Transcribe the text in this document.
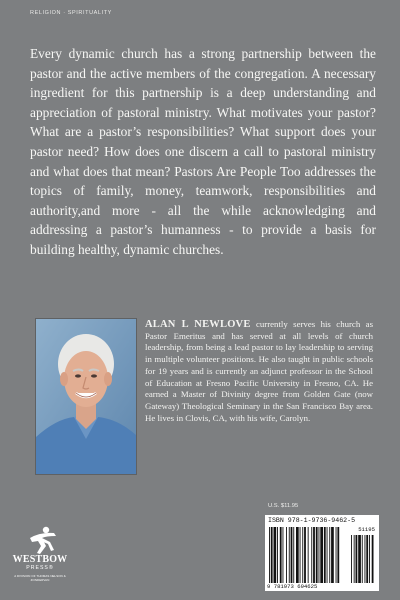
RELIGION · SPIRITUALITY

Every dynamic church has a strong partnership between the pastor and the active members of the congregation. A necessary ingredient for this partnership is a deep understanding and appreciation of pastoral ministry. What motivates your pastor? What are a pastor’s responsibilities? What support does your pastor need? How does one discern a call to pastoral ministry and what does that mean? Pastors Are People Too addresses the topics of family, money, teamwork, responsibilities and authority,and more - all the while acknowledging and addressing a pastor’s humanness - to provide a basis for building healthy, dynamic churches.

ALAN L NEWLOVE currently serves his church as Pastor Emeritus and has served at all levels of church leadership, from being a lead pastor to lay leadership to serving in multiple volunteer positions. He also taught in public schools for 19 years and is currently an adjunct professor in the School of Education at Fresno Pacific University in Fresno, CA. He earned a Master of Divinity degree from Golden Gate (now Gateway) Theological Seminary in the San Francisco Bay area. He lives in Clovis, CA, with his wife, Carolyn.

U.S. $11.95
ISBN 978-1-9736-9462-5
51195
9 781973 694625
WESTBOW
PRESS®
A DIVISION OF THOMAS NELSON & ZONDERVAN
